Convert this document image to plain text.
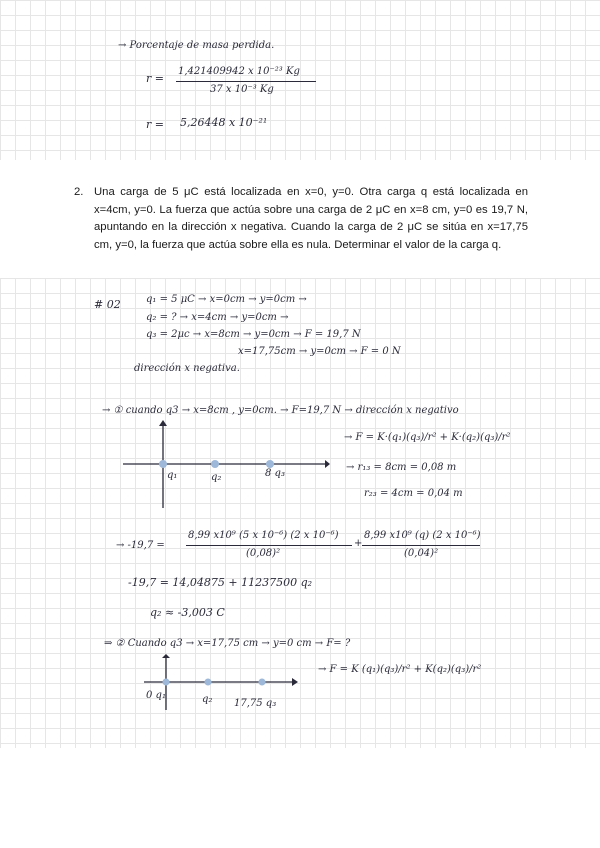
→ Porcentaje de masa perdida.
r =
1,421409942 x 10⁻²³ Kg
37 x 10⁻³ Kg
r = 5,26448 x 10⁻²¹
2. Una carga de 5 μC está localizada en x=0, y=0. Otra carga q está localizada en x=4cm, y=0. La fuerza que actúa sobre una carga de 2 μC en x=8 cm, y=0 es 19,7 N, apuntando en la dirección x negativa. Cuando la carga de 2 μC se sitúa en x=17,75 cm, y=0, la fuerza que actúa sobre ella es nula. Determinar el valor de la carga q.
# 02	q₁ = 5 μC → x=0cm → y=0cm →
q₂ = ? → x=4cm → y=0cm →
q₃ = 2μc → x=8cm → y=0cm → F = 19,7 N
x=17,75cm → y=0cm → F = 0 N
dirección x negativa.
→ ① cuando q3 → x=8cm , y=0cm. → F=19,7 N → dirección x negativo
→ F = K·(q₁)(q₃)/r² + K·(q₂)(q₃)/r²
→ r₁₃ = 8cm = 0,08 m
r₂₃ = 4cm = 0,04 m
q₁	q₂	8 q₃
→ -19,7 =
8,99 x10⁹ (5 x 10⁻⁶) (2 x 10⁻⁶)
(0,08)²
+
8,99 x10⁹ (q) (2 x 10⁻⁶)
(0,04)²
-19,7 = 14,04875 + 11237500 q₂
q₂ ≈ -3,003 C
⇒ ② Cuando q3 → x=17,75 cm → y=0 cm → F= ?
→ F = K (q₁)(q₃)/r² + K(q₂)(q₃)/r²
0 q₁	q₂ 17,75 q₃
